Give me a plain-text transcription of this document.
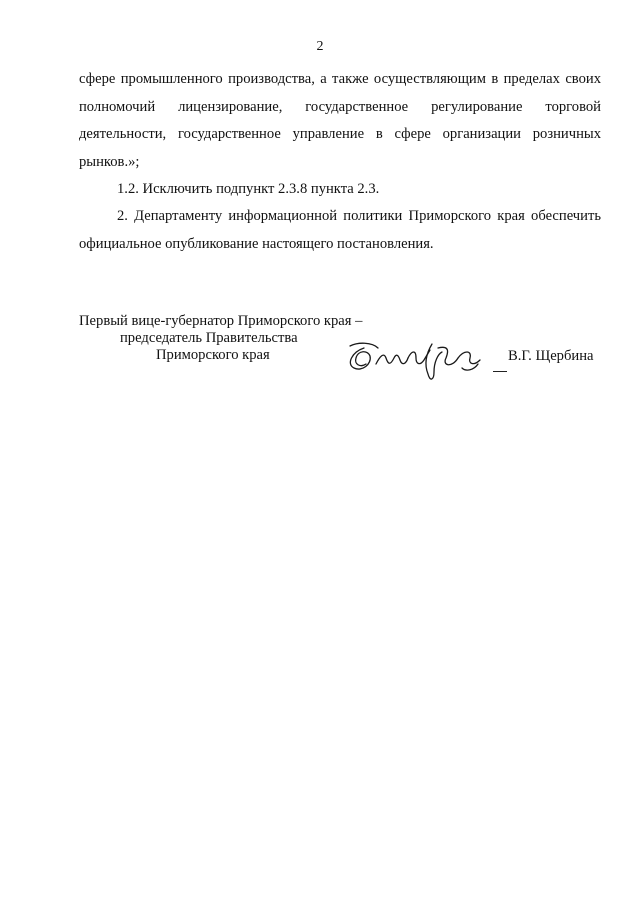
2

сфере промышленного производства, а также осуществляющим в пределах своих полномочий лицензирование, государственное регулирование торговой деятельности, государственное управление в сфере организации розничных рынков.»;

1.2. Исключить подпункт 2.3.8 пункта 2.3.

2. Департаменту информационной политики Приморского края обеспечить официальное опубликование настоящего постановления.

Первый вице-губернатор Приморского края –
председатель Правительства
Приморского края	В.Г. Щербина
